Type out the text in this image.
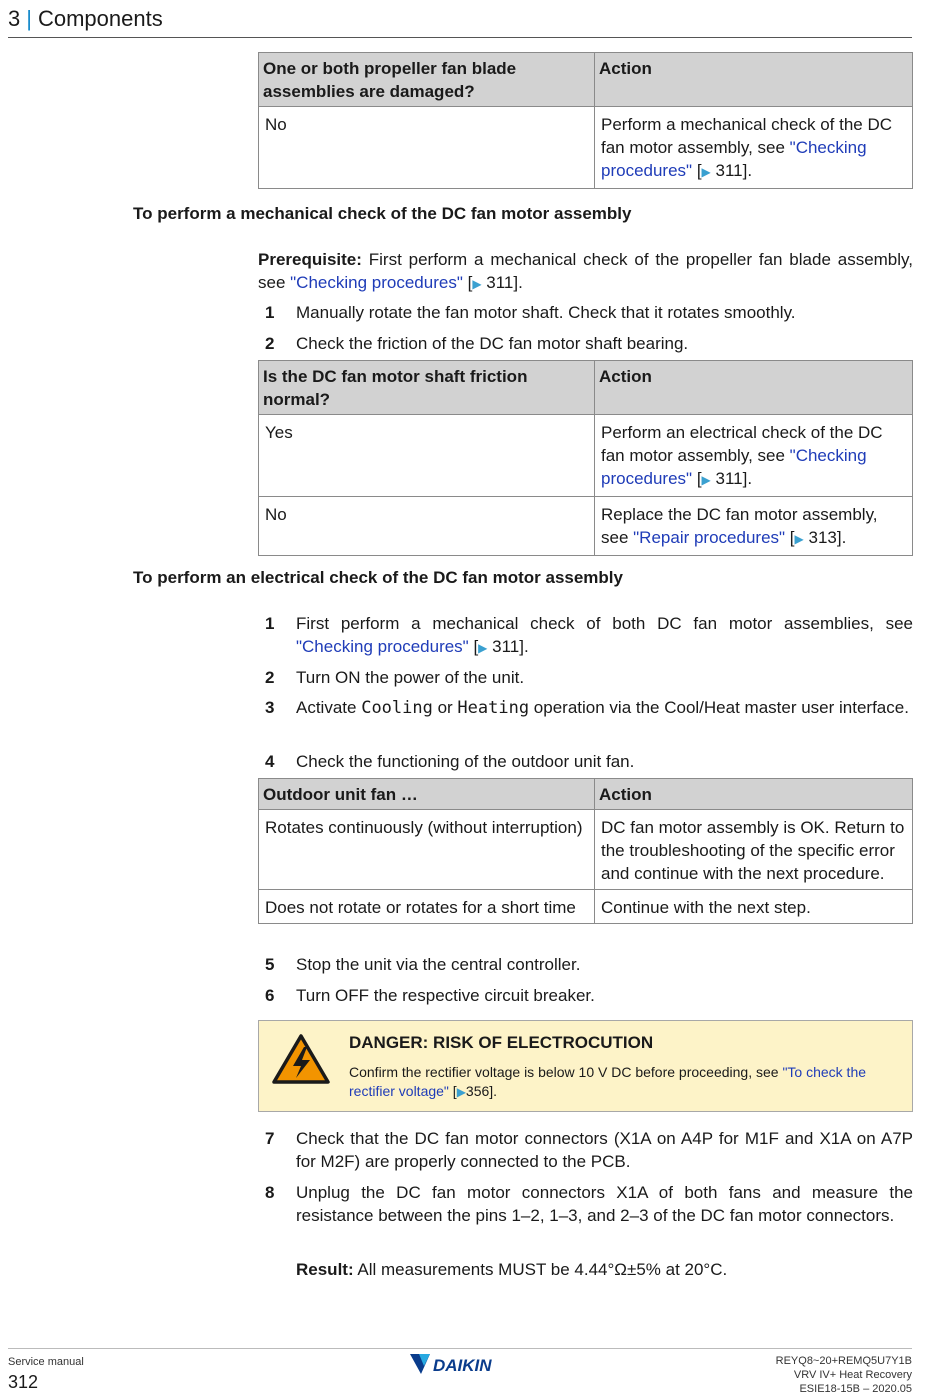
3 | Components
One or both propeller fan blade assemblies are damaged?	Action
No	Perform a mechanical check of the DC fan motor assembly, see "Checking procedures" [▶ 311].
To perform a mechanical check of the DC fan motor assembly
Prerequisite: First perform a mechanical check of the propeller fan blade assembly, see "Checking procedures" [▶ 311].
1 Manually rotate the fan motor shaft. Check that it rotates smoothly.
2 Check the friction of the DC fan motor shaft bearing.
Is the DC fan motor shaft friction normal?	Action
Yes	Perform an electrical check of the DC fan motor assembly, see "Checking procedures" [▶ 311].
No	Replace the DC fan motor assembly, see "Repair procedures" [▶ 313].
To perform an electrical check of the DC fan motor assembly
1 First perform a mechanical check of both DC fan motor assemblies, see "Checking procedures" [▶ 311].
2 Turn ON the power of the unit.
3 Activate Cooling or Heating operation via the Cool/Heat master user interface.
4 Check the functioning of the outdoor unit fan.
Outdoor unit fan …	Action
Rotates continuously (without interruption)	DC fan motor assembly is OK. Return to the troubleshooting of the specific error and continue with the next procedure.
Does not rotate or rotates for a short time	Continue with the next step.
5 Stop the unit via the central controller.
6 Turn OFF the respective circuit breaker.
DANGER: RISK OF ELECTROCUTION
Confirm the rectifier voltage is below 10 V DC before proceeding, see "To check the rectifier voltage" [▶356].
7 Check that the DC fan motor connectors (X1A on A4P for M1F and X1A on A7P for M2F) are properly connected to the PCB.
8 Unplug the DC fan motor connectors X1A of both fans and measure the resistance between the pins 1–2, 1–3, and 2–3 of the DC fan motor connectors.
Result: All measurements MUST be 4.44°Ω±5% at 20°C.
Service manual
312
DAIKIN	REYQ8~20+REMQ5U7Y1B
VRV IV+ Heat Recovery
ESIE18-15B – 2020.05
